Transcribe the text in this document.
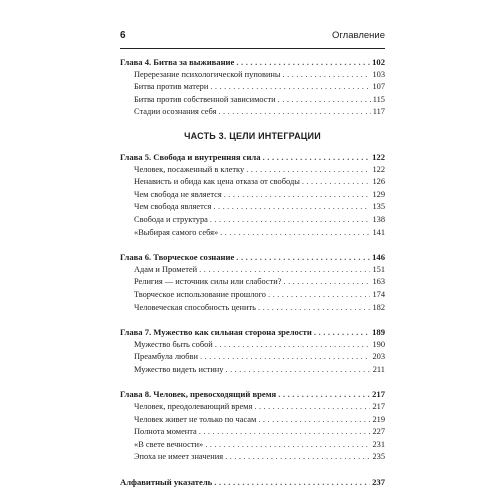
6	Оглавление
Глава 4. Битва за выживание . . .	102
Перерезание психологической пуповины . . .	103
Битва против матери . . .	107
Битва против собственной зависимости . . .	115
Стадии осознания себя . . .	117
ЧАСТЬ 3. ЦЕЛИ ИНТЕГРАЦИИ
Глава 5. Свобода и внутренняя сила . . .	122
Человек, посаженный в клетку . . .	122
Ненависть и обида как цена отказа от свободы . . .	126
Чем свобода не является . . .	129
Чем свобода является . . .	135
Свобода и структура . . .	138
«Выбирая самого себя» . . .	141
Глава 6. Творческое сознание . . .	146
Адам и Прометей . . .	151
Религия — источник силы или слабости? . . .	163
Творческое использование прошлого . . .	174
Человеческая способность ценить . . .	182
Глава 7. Мужество как сильная сторона зрелости . . .	189
Мужество быть собой . . .	190
Преамбула любви . . .	203
Мужество видеть истину . . .	211
Глава 8. Человек, превосходящий время . . .	217
Человек, преодолевающий время . . .	217
Человек живет не только по часам . . .	219
Полнота момента . . .	227
«В свете вечности» . . .	231
Эпоха не имеет значения . . .	235
Алфавитный указатель . . .	237
